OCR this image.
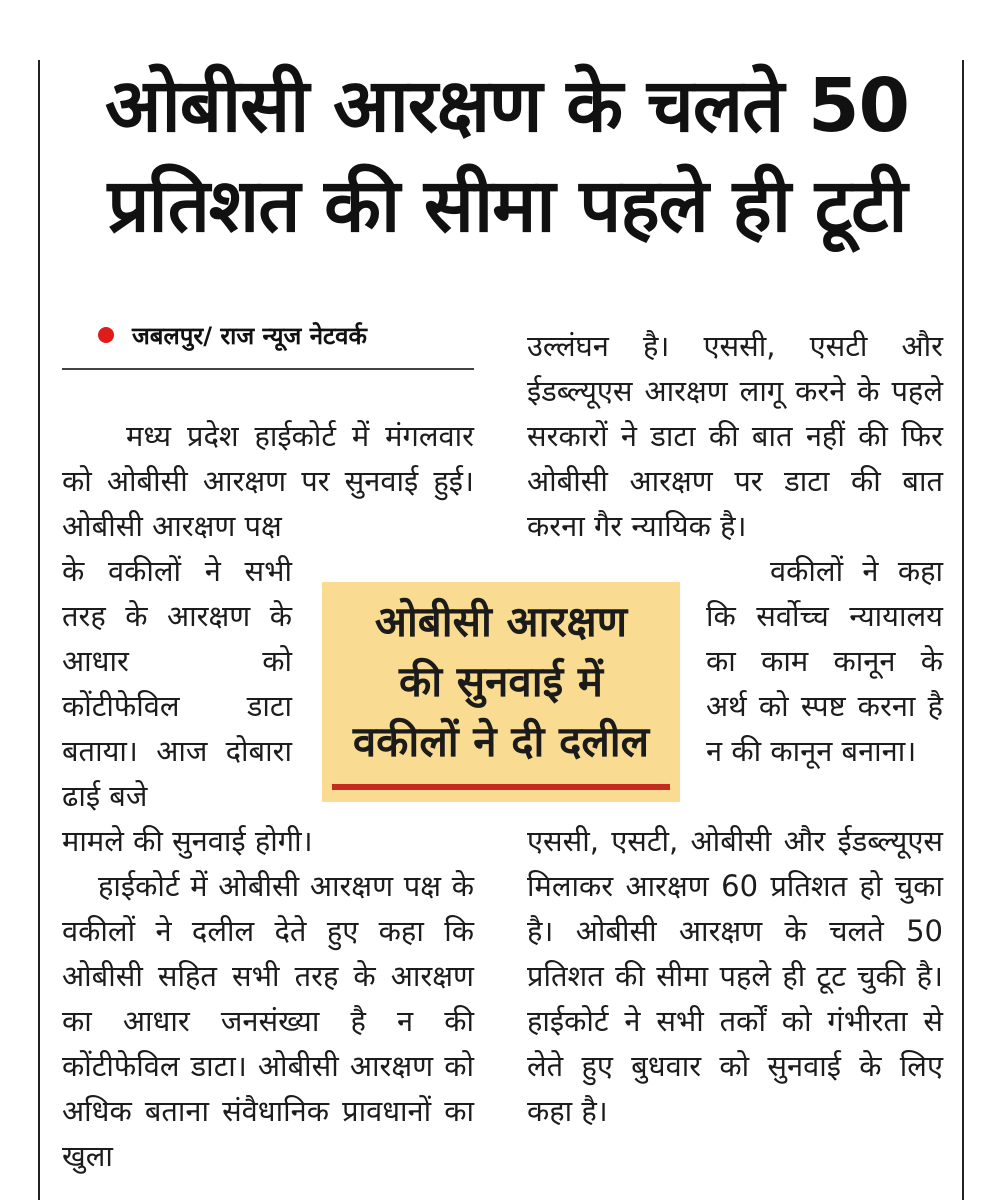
ओबीसी आरक्षण के चलते 50
प्रतिशत की सीमा पहले ही टूटी
जबलपुर/ राज न्यूज नेटवर्क

मध्य प्रदेश हाईकोर्ट में मंगलवार को ओबीसी आरक्षण पर सुनवाई हुई। ओबीसी आरक्षण पक्ष

के वकीलों ने सभी तरह के आरक्षण के आधार को कोंटीफेविल डाटा बताया। आज दोबारा ढाई बजे

मामले की सुनवाई होगी।

हाईकोर्ट में ओबीसी आरक्षण पक्ष के वकीलों ने दलील देते हुए कहा कि ओबीसी सहित सभी तरह के आरक्षण का आधार जनसंख्या है न की कोंटीफेविल डाटा। ओबीसी आरक्षण को अधिक बताना संवैधानिक प्रावधानों का खुला

ओबीसी आरक्षण
की सुनवाई में
वकीलों ने दी दलील

उल्लंघन है। एससी, एसटी और ईडब्ल्यूएस आरक्षण लागू करने के पहले सरकारों ने डाटा की बात नहीं की फिर ओबीसी आरक्षण पर डाटा की बात करना गैर न्यायिक है।

वकीलों ने कहा कि सर्वोच्च न्यायालय का काम कानून के अर्थ को स्पष्ट करना है न की कानून बनाना।

एससी, एसटी, ओबीसी और ईडब्ल्यूएस मिलाकर आरक्षण 60 प्रतिशत हो चुका है। ओबीसी आरक्षण के चलते 50 प्रतिशत की सीमा पहले ही टूट चुकी है। हाईकोर्ट ने सभी तर्कों को गंभीरता से लेते हुए बुधवार को सुनवाई के लिए कहा है।
